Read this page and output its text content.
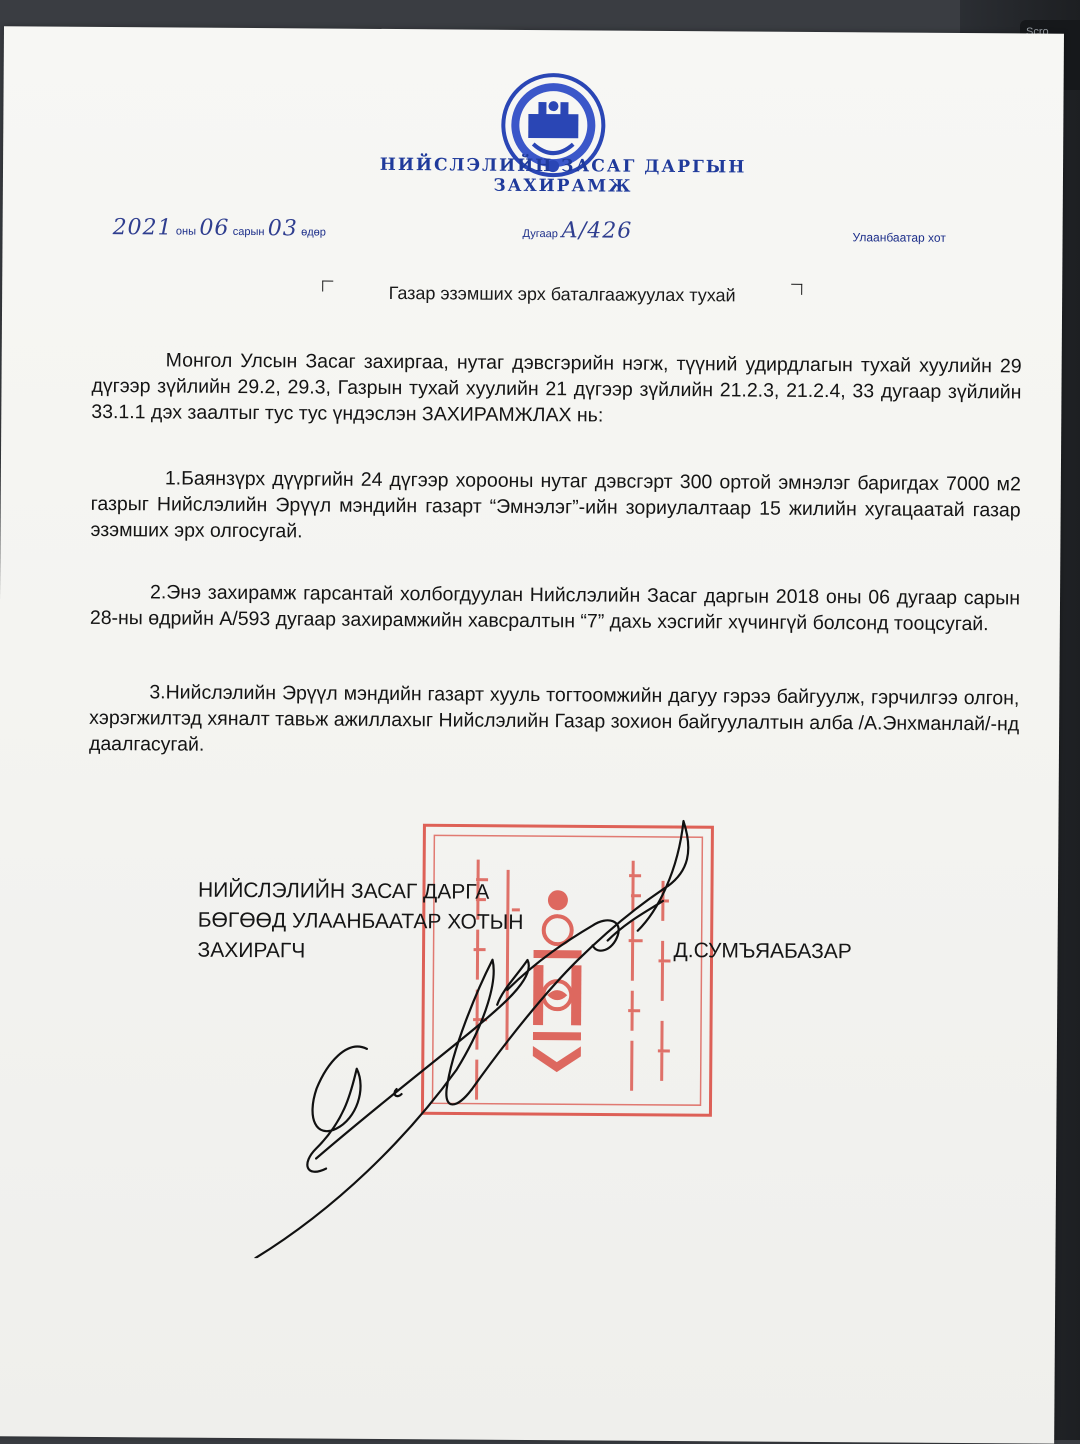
Scro
НИЙСЛЭЛИЙН ЗАСАГ ДАРГЫН
ЗАХИРАМЖ
2021 оны 06 сарын 03 өдөр	Дугаар А/426	Улаанбаатар хот
Газар эзэмших эрх баталгаажуулах тухай
Монгол Улсын Засаг захиргаа, нутаг дэвсгэрийн нэгж, түүний удирдлагын тухай хуулийн 29 дүгээр зүйлийн 29.2, 29.3, Газрын тухай хуулийн 21 дүгээр зүйлийн 21.2.3, 21.2.4, 33 дугаар зүйлийн 33.1.1 дэх заалтыг тус тус үндэслэн ЗАХИРАМЖЛАХ нь:
1.Баянзүрх дүүргийн 24 дүгээр хорооны нутаг дэвсгэрт 300 ортой эмнэлэг баригдах 7000 м2 газрыг Нийслэлийн Эрүүл мэндийн газарт “Эмнэлэг”-ийн зориулалтаар 15 жилийн хугацаатай газар эзэмших эрх олгосугай.
2.Энэ захирамж гарсантай холбогдуулан Нийслэлийн Засаг даргын 2018 оны 06 дугаар сарын 28-ны өдрийн А/593 дугаар захирамжийн хавсралтын “7” дахь хэсгийг хүчингүй болсонд тооцсугай.
3.Нийслэлийн Эрүүл мэндийн газарт хууль тогтоомжийн дагуу гэрээ байгуулж, гэрчилгээ олгон, хэрэгжилтэд хяналт тавьж ажиллахыг Нийслэлийн Газар зохион байгуулалтын алба /А.Энхманлай/-нд даалгасугай.
НИЙСЛЭЛИЙН ЗАСАГ ДАРГА
БӨГӨӨД УЛААНБААТАР ХОТЫН
ЗАХИРАГЧ	Д.СУМЪЯАБАЗАР
